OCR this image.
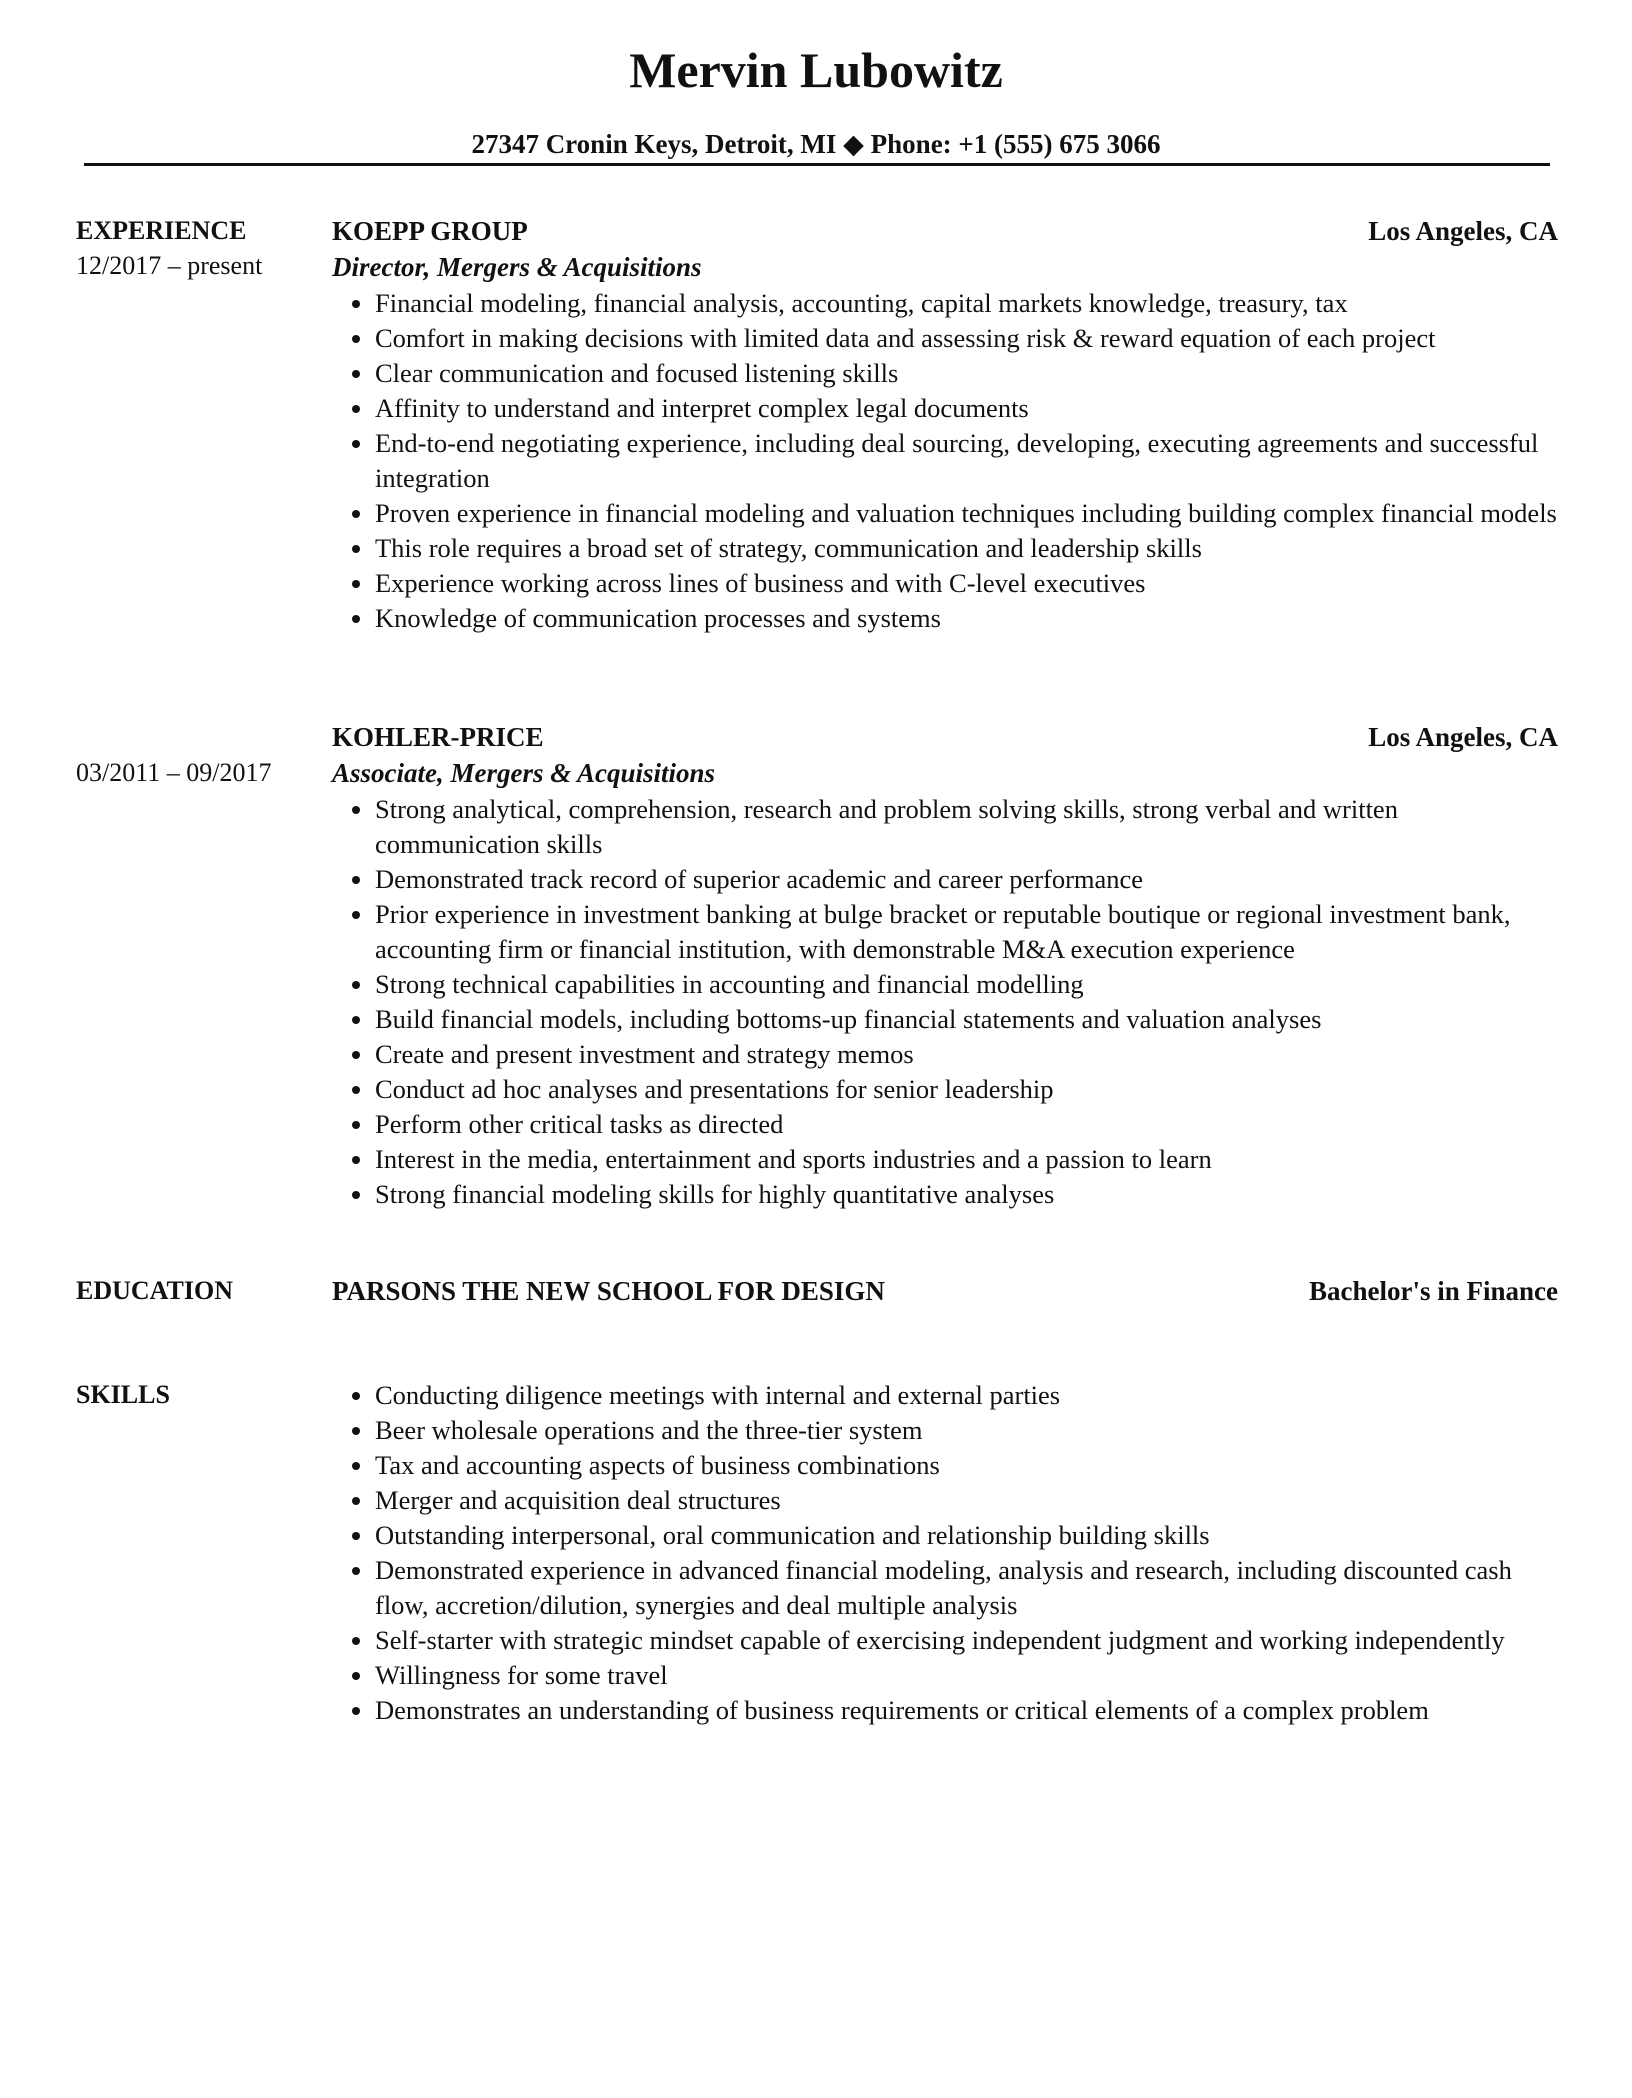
Mervin Lubowitz
27347 Cronin Keys, Detroit, MI ◆ Phone: +1 (555) 675 3066
EXPERIENCE
12/2017 – present
KOEPP GROUP	Los Angeles, CA
Director, Mergers & Acquisitions
Financial modeling, financial analysis, accounting, capital markets knowledge, treasury, tax
Comfort in making decisions with limited data and assessing risk & reward equation of each project
Clear communication and focused listening skills
Affinity to understand and interpret complex legal documents
End-to-end negotiating experience, including deal sourcing, developing, executing agreements and successful integration
Proven experience in financial modeling and valuation techniques including building complex financial models
This role requires a broad set of strategy, communication and leadership skills
Experience working across lines of business and with C-level executives
Knowledge of communication processes and systems
03/2011 – 09/2017
KOHLER-PRICE	Los Angeles, CA
Associate, Mergers & Acquisitions
Strong analytical, comprehension, research and problem solving skills, strong verbal and written communication skills
Demonstrated track record of superior academic and career performance
Prior experience in investment banking at bulge bracket or reputable boutique or regional investment bank, accounting firm or financial institution, with demonstrable M&A execution experience
Strong technical capabilities in accounting and financial modelling
Build financial models, including bottoms-up financial statements and valuation analyses
Create and present investment and strategy memos
Conduct ad hoc analyses and presentations for senior leadership
Perform other critical tasks as directed
Interest in the media, entertainment and sports industries and a passion to learn
Strong financial modeling skills for highly quantitative analyses
EDUCATION	PARSONS THE NEW SCHOOL FOR DESIGN	Bachelor's in Finance
SKILLS	Conducting diligence meetings with internal and external parties
Beer wholesale operations and the three-tier system
Tax and accounting aspects of business combinations
Merger and acquisition deal structures
Outstanding interpersonal, oral communication and relationship building skills
Demonstrated experience in advanced financial modeling, analysis and research, including discounted cash flow, accretion/dilution, synergies and deal multiple analysis
Self-starter with strategic mindset capable of exercising independent judgment and working independently
Willingness for some travel
Demonstrates an understanding of business requirements or critical elements of a complex problem
